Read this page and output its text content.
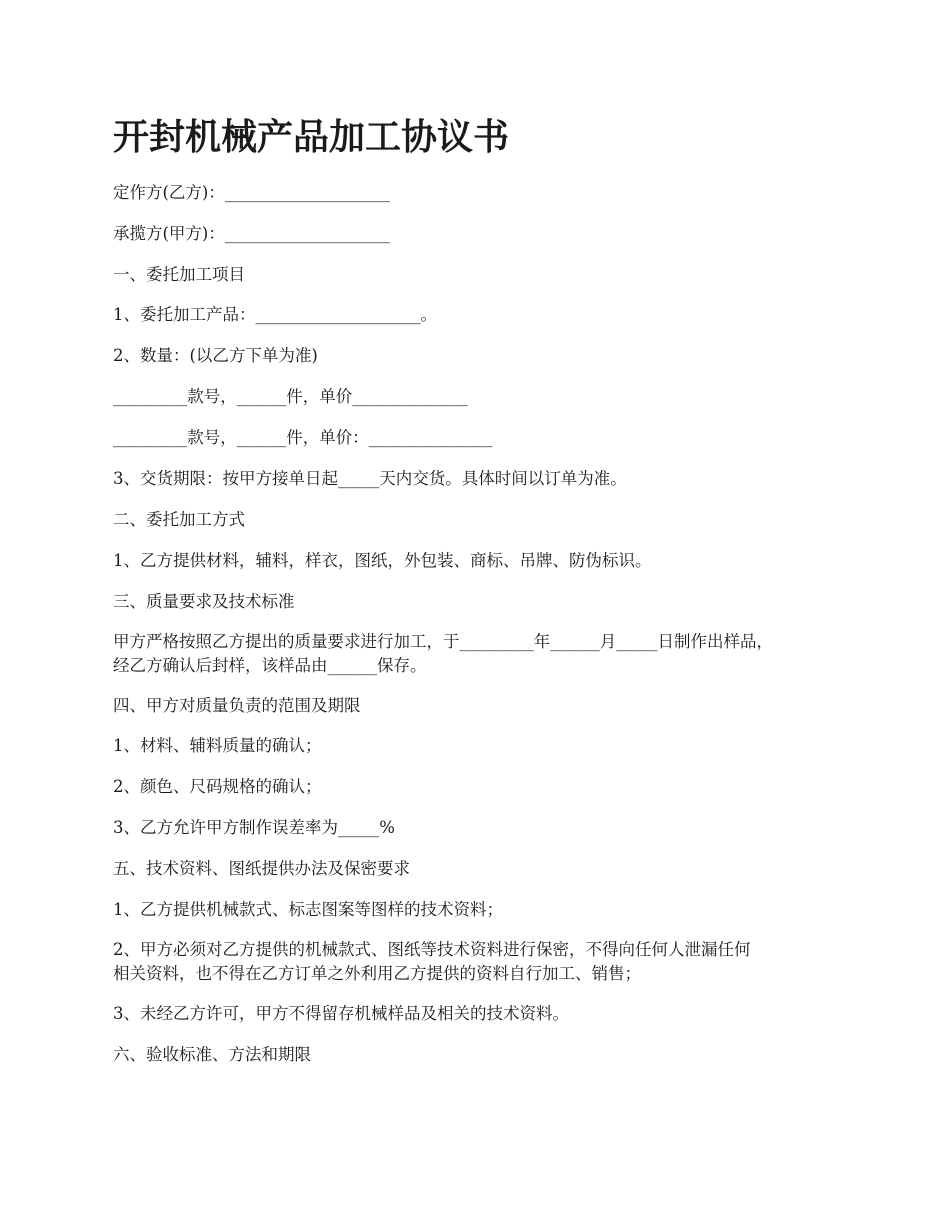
开封机械产品加工协议书

定作方(乙方)：____________________

承揽方(甲方)：____________________

一、委托加工项目

1、委托加工产品：____________________。

2、数量：(以乙方下单为准)

_________款号，______件，单价______________

_________款号，______件，单价：_______________

3、交货期限：按甲方接单日起_____天内交货。具体时间以订单为准。

二、委托加工方式

1、乙方提供材料，辅料，样衣，图纸，外包装、商标、吊牌、防伪标识。

三、质量要求及技术标准

甲方严格按照乙方提出的质量要求进行加工，于_________年______月_____日制作出样品，

经乙方确认后封样，该样品由______保存。

四、甲方对质量负责的范围及期限

1、材料、辅料质量的确认；

2、颜色、尺码规格的确认；

3、乙方允许甲方制作误差率为_____%

五、技术资料、图纸提供办法及保密要求

1、乙方提供机械款式、标志图案等图样的技术资料；

2、甲方必须对乙方提供的机械款式、图纸等技术资料进行保密，不得向任何人泄漏任何

相关资料，也不得在乙方订单之外利用乙方提供的资料自行加工、销售；

3、未经乙方许可，甲方不得留存机械样品及相关的技术资料。

六、验收标准、方法和期限
